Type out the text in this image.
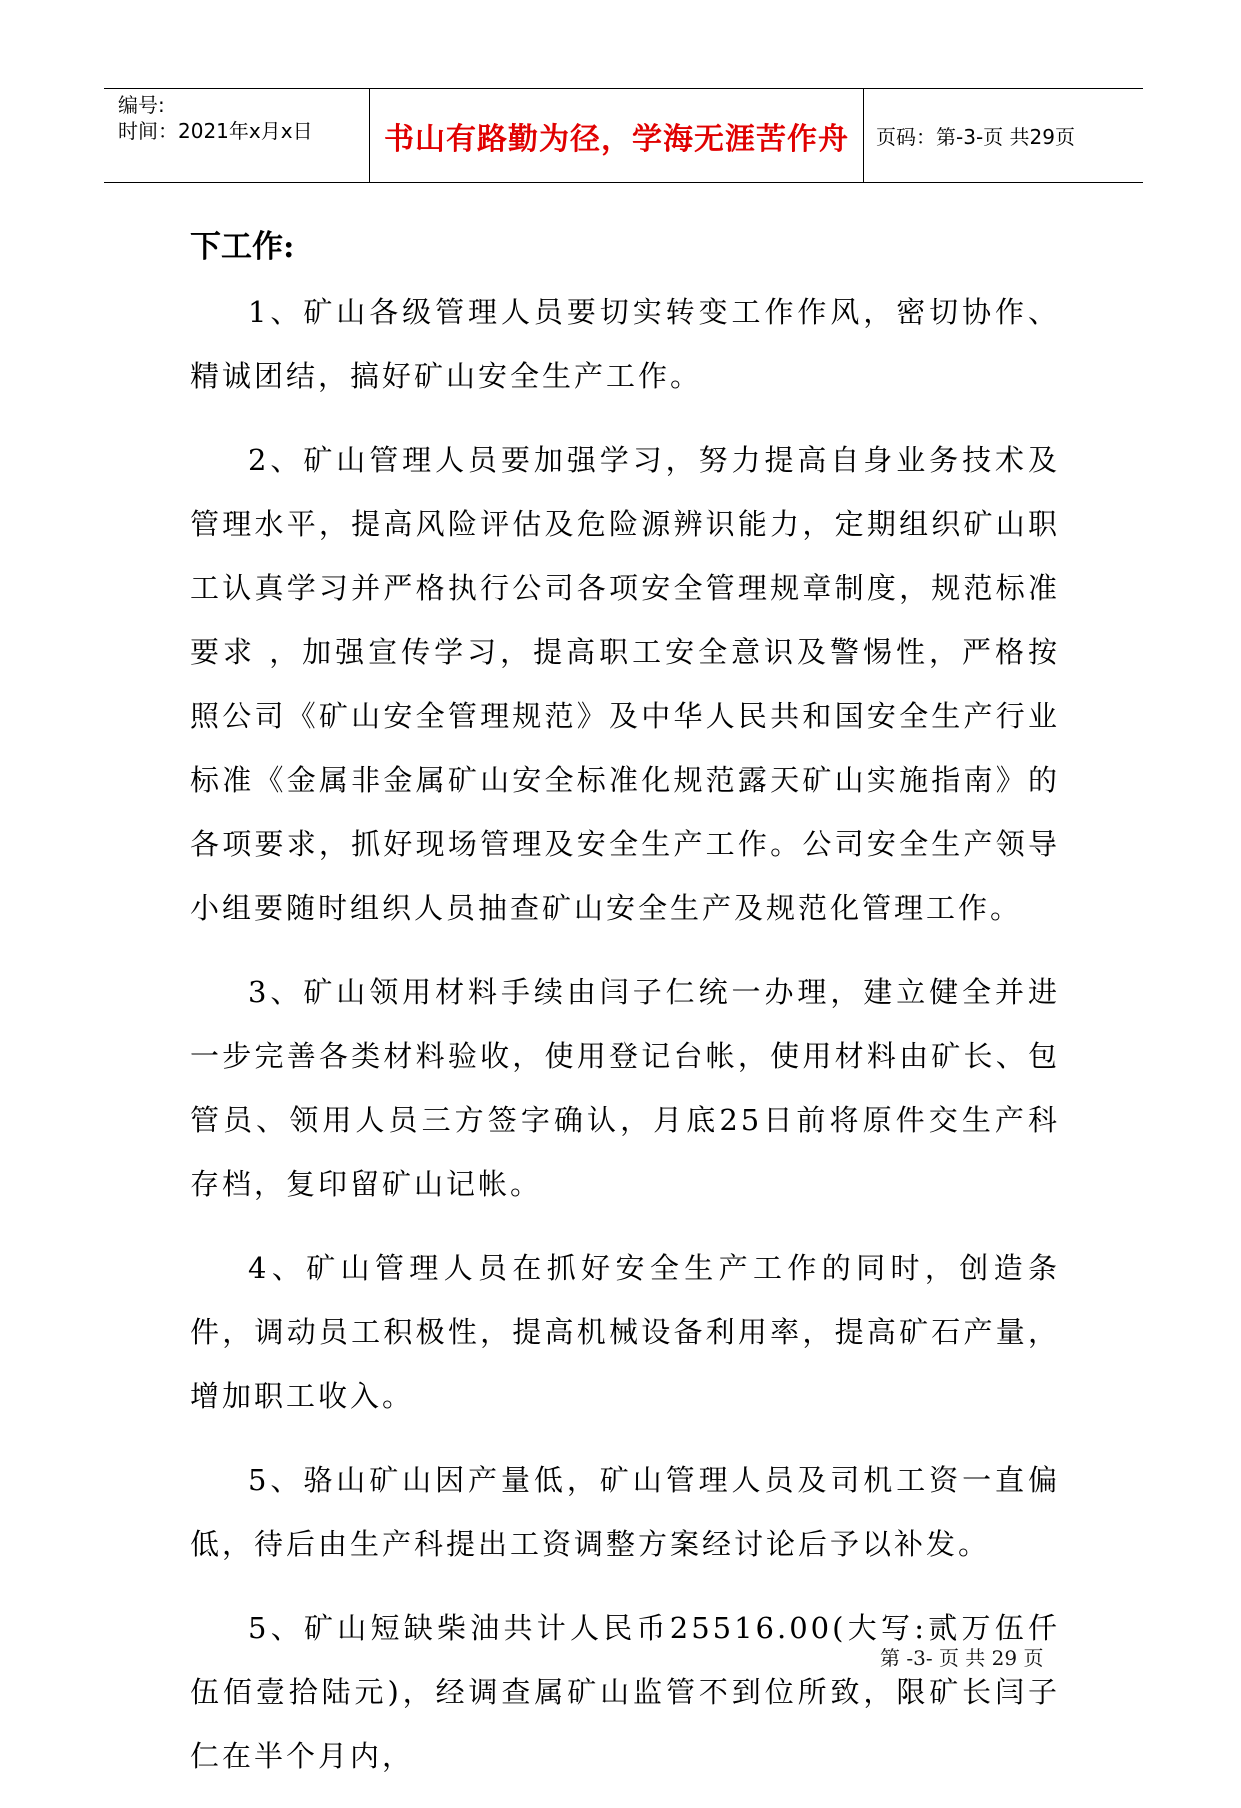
编号:
时间：2021年x月x日 书山有路勤为径，学海无涯苦作舟 页码：第-3-页 共29页

下工作:

1、矿山各级管理人员要切实转变工作作风，密切协作、精诚团结，搞好矿山安全生产工作。

2、矿山管理人员要加强学习，努力提高自身业务技术及管理水平，提高风险评估及危险源辨识能力，定期组织矿山职工认真学习并严格执行公司各项安全管理规章制度，规范标准要求 ，加强宣传学习，提高职工安全意识及警惕性，严格按照公司《矿山安全管理规范》及中华人民共和国安全生产行业标准《金属非金属矿山安全标准化规范露天矿山实施指南》的各项要求，抓好现场管理及安全生产工作。公司安全生产领导小组要随时组织人员抽查矿山安全生产及规范化管理工作。

3、矿山领用材料手续由闫子仁统一办理，建立健全并进一步完善各类材料验收，使用登记台帐，使用材料由矿长、包管员、领用人员三方签字确认，月底25日前将原件交生产科存档，复印留矿山记帐。

4、矿山管理人员在抓好安全生产工作的同时，创造条件，调动员工积极性，提高机械设备利用率，提高矿石产量，增加职工收入。

5、骆山矿山因产量低，矿山管理人员及司机工资一直偏低，待后由生产科提出工资调整方案经讨论后予以补发。

5、矿山短缺柴油共计人民币25516.00(大写:贰万伍仟伍佰壹拾陆元)，经调查属矿山监管不到位所致，限矿长闫子仁在半个月内，

第 -3- 页 共 29 页
